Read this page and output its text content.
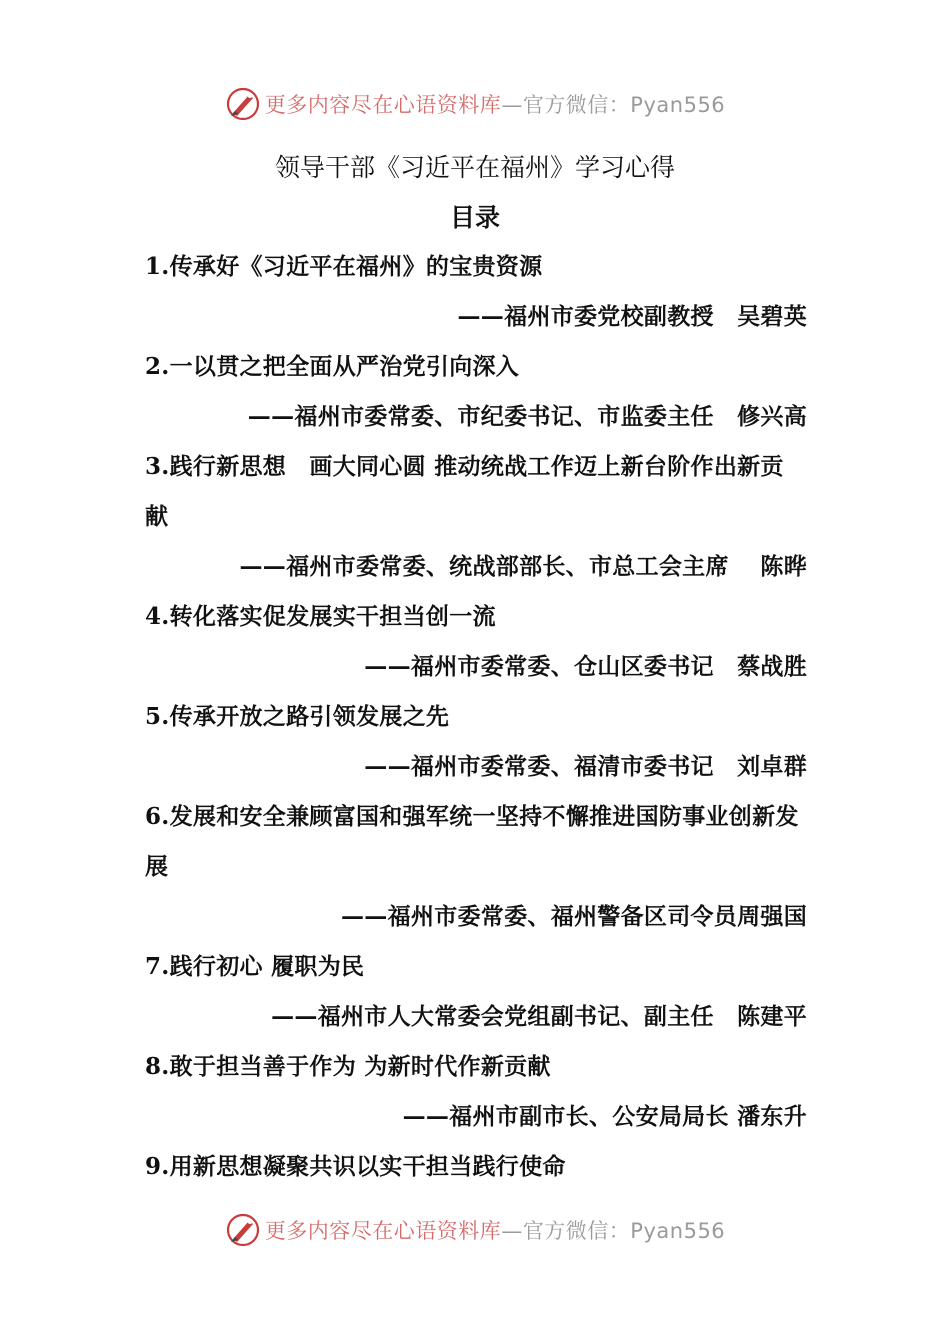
更多内容尽在心语资料库 —官方微信：Pyan556
领导干部《习近平在福州》学习心得
目录

1.传承好《习近平在福州》的宝贵资源

——福州市委党校副教授　吴碧英

2.一以贯之把全面从严治党引向深入

——福州市委常委、市纪委书记、市监委主任　修兴高

3.践行新思想　画大同心圆 推动统战工作迈上新台阶作出新贡献

——福州市委常委、统战部部长、市总工会主席　 陈晔

4.转化落实促发展实干担当创一流

——福州市委常委、仓山区委书记　蔡战胜

5.传承开放之路引领发展之先

——福州市委常委、福清市委书记　刘卓群

6.发展和安全兼顾富国和强军统一坚持不懈推进国防事业创新发展

——福州市委常委、福州警备区司令员周强国

7.践行初心 履职为民

——福州市人大常委会党组副书记、副主任　陈建平

8.敢于担当善于作为 为新时代作新贡献

——福州市副市长、公安局局长 潘东升

9.用新思想凝聚共识以实干担当践行使命

更多内容尽在心语资料库 —官方微信：Pyan556
